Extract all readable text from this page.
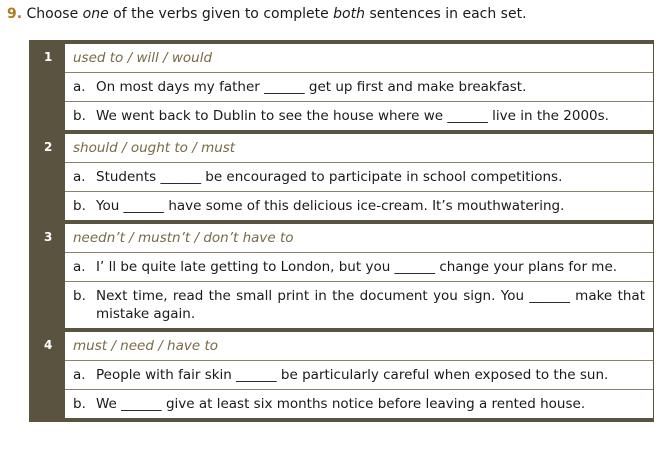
9. Choose one of the verbs given to complete both sentences in each set.
1	used to / will / would
a. On most days my father ______ get up first and make breakfast.
b. We went back to Dublin to see the house where we ______ live in the 2000s.
2	should / ought to / must
a. Students ______ be encouraged to participate in school competitions.
b. You ______ have some of this delicious ice-cream. It’s mouthwatering.
3	needn’t / mustn’t / don’t have to
a. I’ ll be quite late getting to London, but you ______ change your plans for me.
b. Next time, read the small print in the document you sign. You ______ make that mistake again.
4	must / need / have to
a. People with fair skin ______ be particularly careful when exposed to the sun.
b. We ______ give at least six months notice before leaving a rented house.
